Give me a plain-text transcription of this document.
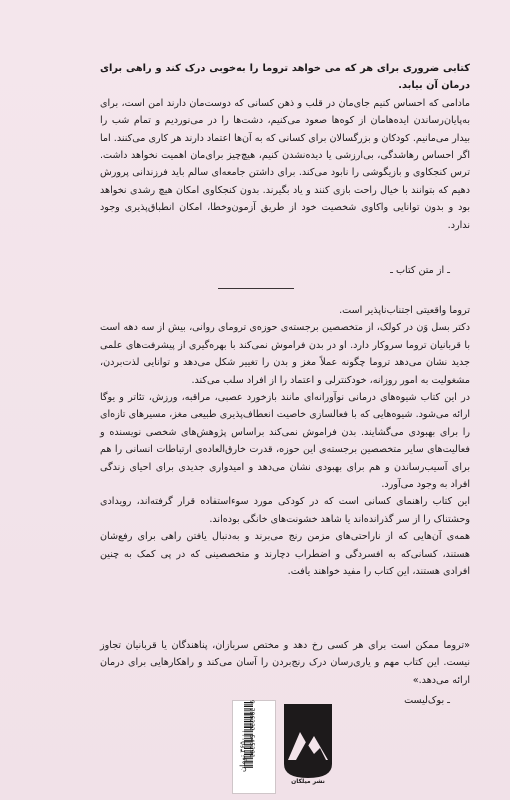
کتابی ضروری برای هر که می خواهد تروما را به‌خوبی درک کند و راهی برای درمان آن بیابد.

مادامی که احساس کنیم جای‌مان در قلب و ذهن کسانی که دوست‌مان دارند امن است، برای به‌پایان‌رساندن ایده‌هامان از کوه‌ها صعود می‌کنیم، دشت‌ها را در می‌نوردیم و تمام شب را بیدار می‌مانیم. کودکان و بزرگسالان برای کسانی که به آن‌ها اعتماد دارند هر کاری می‌کنند. اما اگر احساس رهاشدگی، بی‌ارزشی یا دیده‌نشدن کنیم، هیچ‌چیز برای‌مان اهمیت نخواهد داشت. ترس کنجکاوی و بازیگوشی را نابود می‌کند. برای داشتن جامعه‌ای سالم باید فرزندانی پرورش دهیم که بتوانند با خیال راحت بازی کنند و یاد بگیرند. بدون کنجکاوی امکان هیچ رشدی نخواهد بود و بدون توانایی واکاوی شخصیت خود از طریق آزمون‌وخطا، امکان انطباق‌پذیری وجود ندارد.

ـ از متن کتاب ـ

تروما واقعیتی اجتناب‌ناپذیر است.

دکتر بسل وَن در کولک، از متخصصین برجسته‌ی حوزه‌ی ترومای روانی، بیش از سه دهه است با قربانیان تروما سروکار دارد. او در بدن فراموش نمی‌کند با بهره‌گیری از پیشرفت‌های علمی جدید نشان می‌دهد تروما چگونه عملاً مغز و بدن را تغییر شکل می‌دهد و توانایی لذت‌بردن، مشغولیت به امور روزانه، خودکنترلی و اعتماد را از افراد سلب می‌کند.

در این کتاب شیوه‌های درمانی نوآورانه‌ای مانند بازخورد عصبی، مراقبه، ورزش، تئاتر و یوگا ارائه می‌شود. شیوه‌هایی که با فعالسازی خاصیت انعطاف‌پذیری طبیعی مغز، مسیرهای تازه‌ای را برای بهبودی می‌گشایند. بدن فراموش نمی‌کند براساس پژوهش‌های شخصی نویسنده و فعالیت‌های سایر متخصصین برجسته‌ی این حوزه، قدرت خارق‌العاده‌ی ارتباطات انسانی را هم برای آسیب‌رساندن و هم برای بهبودی نشان می‌دهد و امیدواری جدیدی برای احیای زندگی افراد به وجود می‌آورد.

این کتاب راهنمای کسانی است که در کودکی مورد سوءاستفاده قرار گرفته‌اند، رویدادی وحشتناک را از سر گذرانده‌اند یا شاهد خشونت‌های خانگی بوده‌اند.

همه‌ی آن‌هایی که از ناراحتی‌های مزمن رنج می‌برند و به‌دنبال یافتن راهی برای رفع‌شان هستند، کسانی‌که به افسردگی و اضطراب دچارند و متخصصینی که در پی کمک به چنین افرادی هستند، این کتاب را مفید خواهند یافت.

«تروما ممکن است برای هر کسی رخ دهد و مختص سربازان، پناهندگان یا قربانیان تجاوز نیست. این کتاب مهم و یاری‌رسان درک رنج‌بردن را آسان می‌کند و راهکارهایی برای درمان ارائه می‌دهد.»

ـ بوک‌لیست
9 786222 545291
۳۶۵۰۰۰ تومان
نشر میلکان
